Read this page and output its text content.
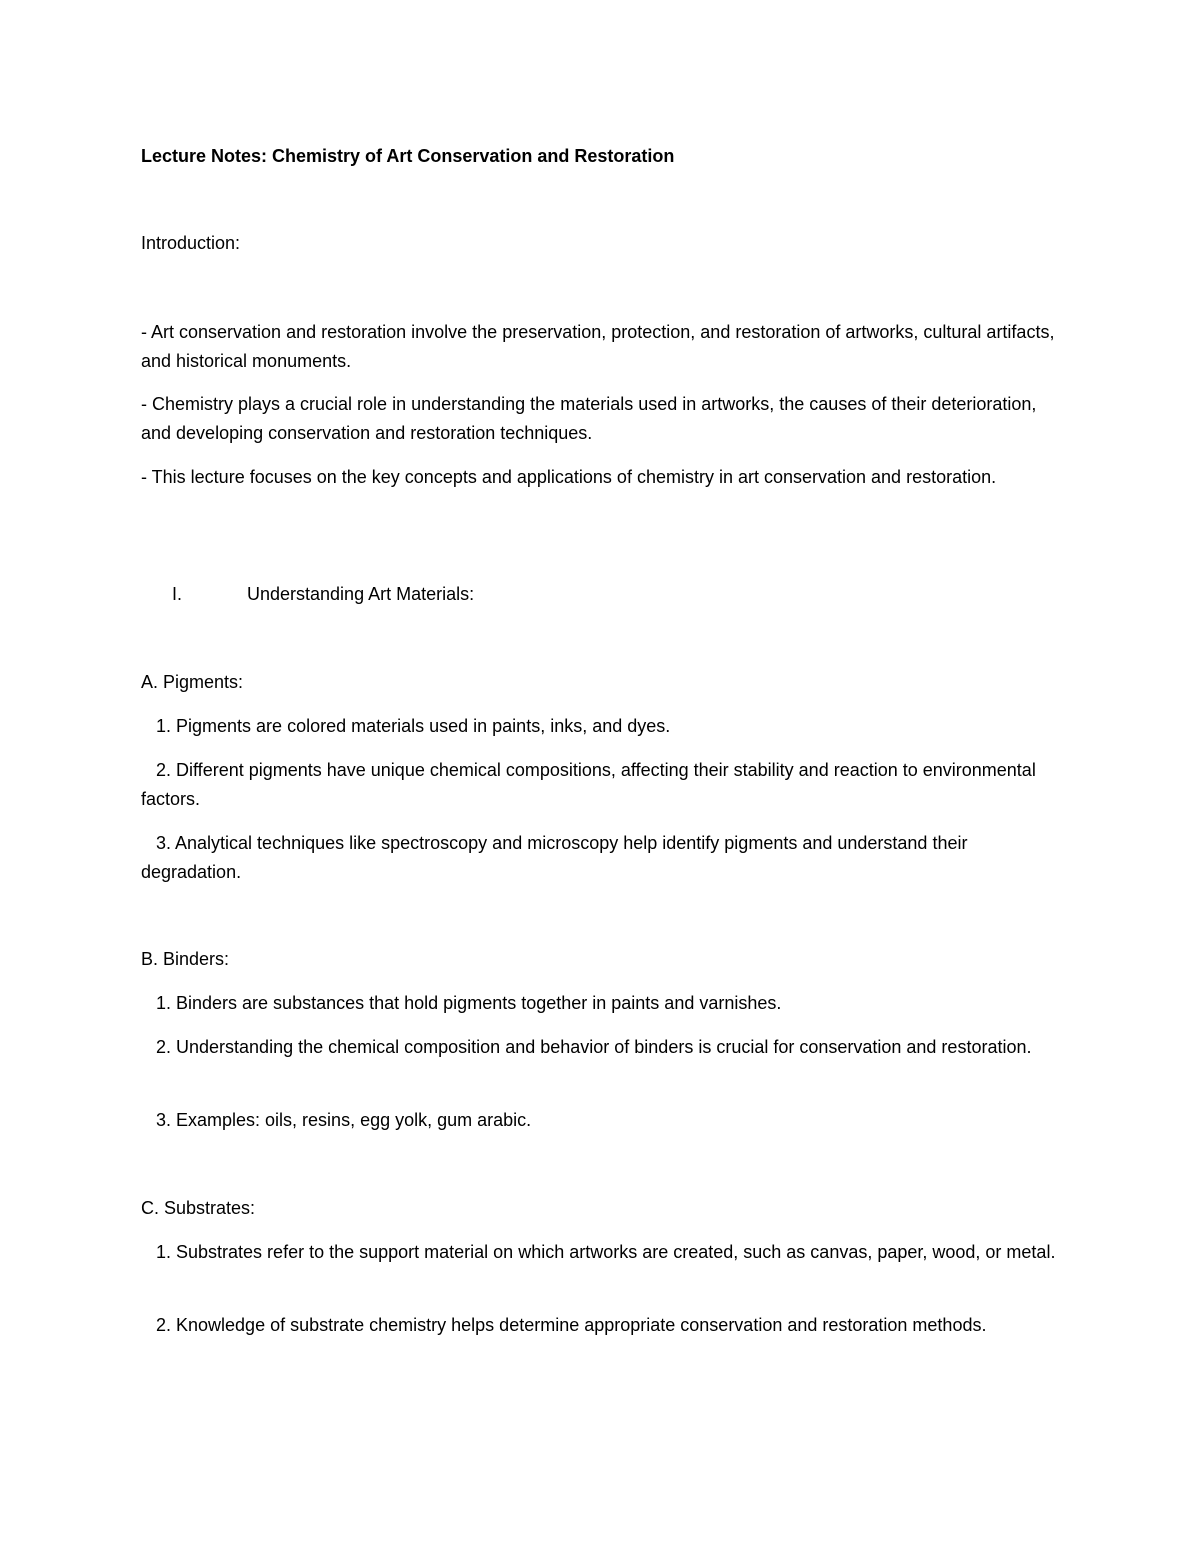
Lecture Notes: Chemistry of Art Conservation and Restoration

Introduction:

- Art conservation and restoration involve the preservation, protection, and restoration of artworks, cultural artifacts, and historical monuments.

- Chemistry plays a crucial role in understanding the materials used in artworks, the causes of their deterioration, and developing conservation and restoration techniques.

- This lecture focuses on the key concepts and applications of chemistry in art conservation and restoration.

I.	Understanding Art Materials:

A. Pigments:

1. Pigments are colored materials used in paints, inks, and dyes.

2. Different pigments have unique chemical compositions, affecting their stability and reaction to environmental factors.

3. Analytical techniques like spectroscopy and microscopy help identify pigments and understand their degradation.

B. Binders:

1. Binders are substances that hold pigments together in paints and varnishes.

2. Understanding the chemical composition and behavior of binders is crucial for conservation and restoration.

3. Examples: oils, resins, egg yolk, gum arabic.

C. Substrates:

1. Substrates refer to the support material on which artworks are created, such as canvas, paper, wood, or metal.

2. Knowledge of substrate chemistry helps determine appropriate conservation and restoration methods.
